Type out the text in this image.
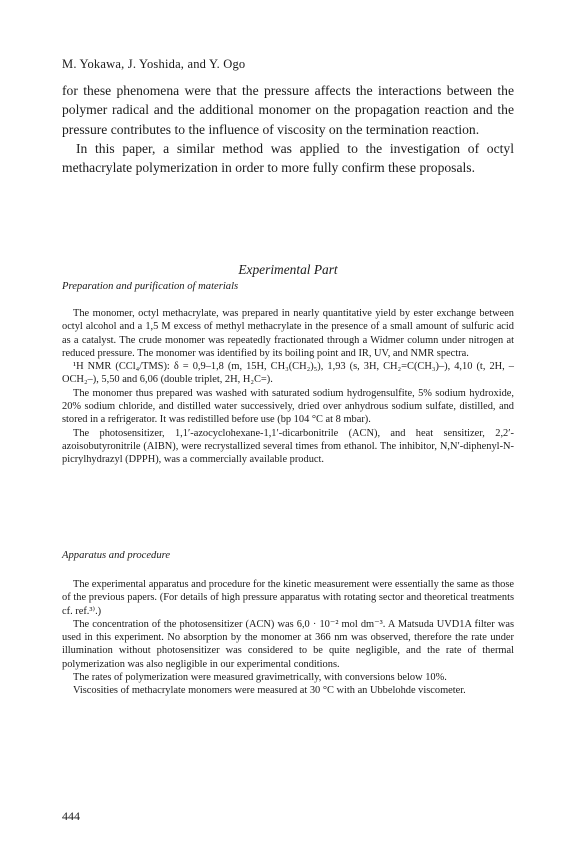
M. Yokawa, J. Yoshida, and Y. Ogo

for these phenomena were that the pressure affects the interactions between the polymer radical and the additional monomer on the propagation reaction and the pressure contributes to the influence of viscosity on the termination reaction.

In this paper, a similar method was applied to the investigation of octyl methacrylate polymerization in order to more fully confirm these proposals.

Experimental Part
Preparation and purification of materials

The monomer, octyl methacrylate, was prepared in nearly quantitative yield by ester exchange between octyl alcohol and a 1,5 M excess of methyl methacrylate in the presence of a small amount of sulfuric acid as a catalyst. The crude monomer was repeatedly fractionated through a Widmer column under nitrogen at reduced pressure. The monomer was identified by its boiling point and IR, UV, and NMR spectra.

¹H NMR (CCl₄/TMS): δ = 0,9–1,8 (m, 15H, CH₃(CH₂)₅), 1,93 (s, 3H, CH₂=C(CH₃)–), 4,10 (t, 2H, –OCH₂–), 5,50 and 6,06 (double triplet, 2H, H₂C=).

The monomer thus prepared was washed with saturated sodium hydrogensulfite, 5% sodium hydroxide, 20% sodium chloride, and distilled water successively, dried over anhydrous sodium sulfate, distilled, and stored in a refrigerator. It was redistilled before use (bp 104 °C at 8 mbar).

The photosensitizer, 1,1′-azocyclohexane-1,1′-dicarbonitrile (ACN), and heat sensitizer, 2,2′-azoisobutyronitrile (AIBN), were recrystallized several times from ethanol. The inhibitor, N,N′-diphenyl-N-picrylhydrazyl (DPPH), was a commercially available product.

Apparatus and procedure

The experimental apparatus and procedure for the kinetic measurement were essentially the same as those of the previous papers. (For details of high pressure apparatus with rotating sector and theoretical treatments cf. ref.³⁾.)

The concentration of the photosensitizer (ACN) was 6,0 · 10⁻² mol dm⁻³. A Matsuda UVD1A filter was used in this experiment. No absorption by the monomer at 366 nm was observed, therefore the rate under illumination without photosensitizer was considered to be quite negligible, and the rate of thermal polymerization was also negligible in our experimental conditions.

The rates of polymerization were measured gravimetrically, with conversions below 10%.

Viscosities of methacrylate monomers were measured at 30 °C with an Ubbelohde viscometer.

444
